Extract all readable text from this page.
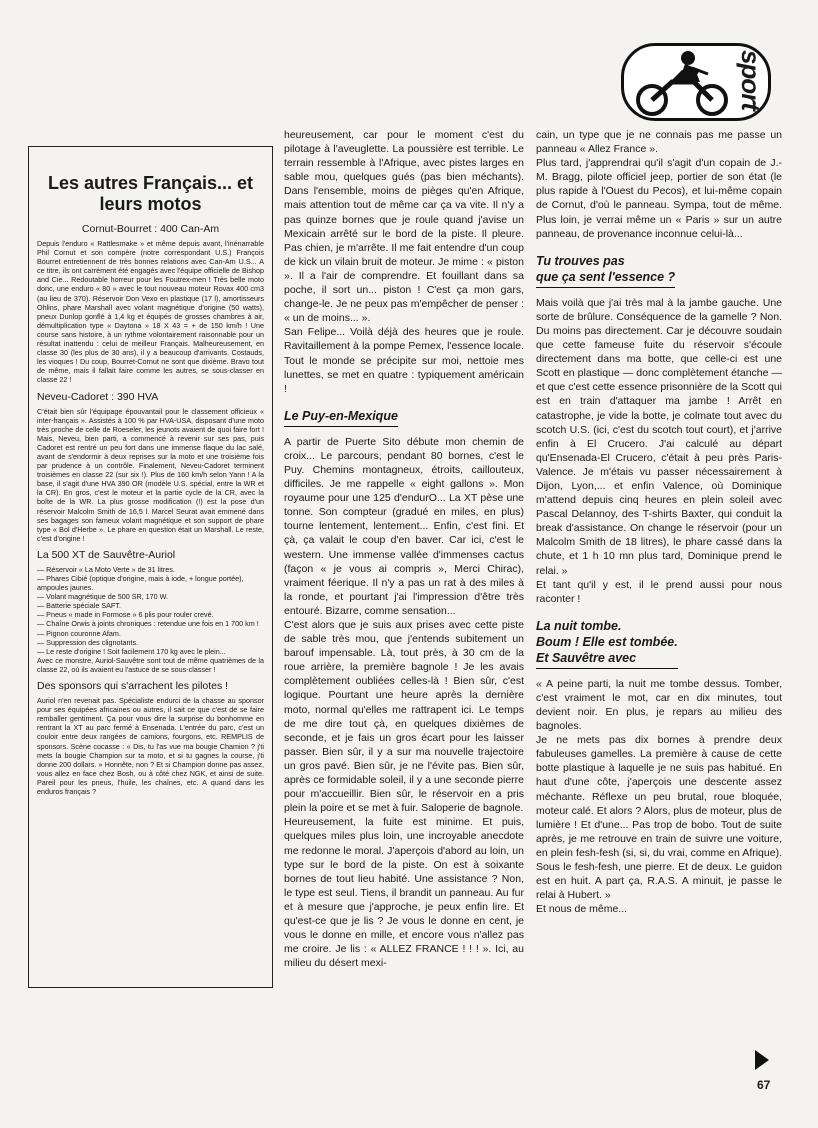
sport
Les autres Français... et leurs motos
Cornut-Bourret : 400 Can-Am

Depuis l'enduro « Rattlesmake » et même depuis avant, l'inénarrable Phil Cornut et son compère (notre correspondant U.S.) François Bourret entretiennent de très bonnes relations avec Can-Am U.S... A ce titre, ils ont carrément été engagés avec l'équipe officielle de Bishop and Cie... Redoutable horreur pour les Foutrex-men ! Très belle moto donc, une enduro « 80 » avec le tout nouveau moteur Rovax 400 cm3 (au lieu de 370). Réservoir Don Vexo en plastique (17 l), amortisseurs Ohlins, phare Marshall avec volant magnétique d'origine (50 watts), pneux Dunlop gonflé à 1,4 kg et équipés de grosses chambres à air, démultiplication type « Daytona » 18 X 43 = + de 150 km/h ! Une course sans histoire, à un rythme volontairement raisonnable pour un résultat inattendu : celui de meilleur Français. Malheureusement, en classe 30 (les plus de 30 ans), il y a beaucoup d'arrivants. Costauds, les vioques ! Du coup, Bourret-Cornut ne sont que dixième. Bravo tout de même, mais il fallait faire comme les autres, se sous-classer en classe 22 !

Neveu-Cadoret : 390 HVA

C'était bien sûr l'équipage épouvantail pour le classement officieux « inter-français ». Assistés à 100 % par HVA-USA, disposant d'une moto très proche de celle de Roeseler, les jeunots avaient de quoi faire fort ! Mais, Neveu, bien parti, a commencé à revenir sur ses pas, puis Cadoret est rentré un peu fort dans une immense flaque du lac salé, avant de s'endormir à deux reprises sur la moto et une troisième fois par prudence à un contrôle. Finalement, Neveu-Cadoret terminent troisièmes en classe 22 (sur six !). Plus de 160 km/h selon Yann ! A la base, il s'agit d'une HVA 390 OR (modèle U.S. spécial, entre la WR et la CR). En gros, c'est le moteur et la partie cycle de la CR, avec la boîte de la WR. La plus grosse modification (!) est la pose d'un réservoir Malcolm Smith de 16,5 l. Marcel Seurat avait emmené dans ses bagages son fameux volant magnétique et son support de phare type « Bol d'Herbe ». Le phare en question était un Marshall. Le reste, c'est d'origine !

La 500 XT de Sauvêtre-Auriol
— Réservoir « La Moto Verte » de 31 litres.
— Phares Cibié (optique d'origine, mais à iode, + longue portée), ampoules jaunes.
— Volant magnétique de 500 SR, 170 W.
— Batterie spéciale SAFT.
— Pneus « made in Formose » 6 plis pour rouler crevé.
— Chaîne Orwis à joints chroniques : retendue une fois en 1 700 km !
— Pignon couronne Afam.
— Suppression des clignotants.
— Le reste d'origine ! Soit facilement 170 kg avec le plein...

Avec ce monstre, Auriol-Sauvêtre sont tout de même quatrièmes de la classe 22, où ils avaient eu l'astuce de se sous-classer !

Des sponsors qui s'arrachent les pilotes !

Auriol n'en revenait pas. Spécialiste endurci de la chasse au sponsor pour ses équipées africaines ou autres, il sait ce que c'est de se faire remballer gentiment. Ça pour vous dire la surprise du bonhomme en rentrant la XT au parc fermé à Ensenada. L'entrée du parc, c'est un couloir entre deux rangées de camions, fourgons, etc. REMPLIS de sponsors. Scène cocasse : « Dis, tu l'as vue ma bougie Chamion ? j'ti mets la bougie Champion sur ta moto, et si tu gagnes la course, j'ti donne 200 dollars. » Honnête, non ? Et si Champion donne pas assez, vous allez en face chez Bosh, ou à côté chez NGK, et ainsi de suite. Pareil pour les pneus, l'huile, les chaînes, etc. A quand dans les enduros français ?

heureusement, car pour le moment c'est du pilotage à l'aveuglette. La poussière est terrible. Le terrain ressemble à l'Afrique, avec pistes larges en sable mou, quelques gués (pas bien méchants). Dans l'ensemble, moins de pièges qu'en Afrique, mais attention tout de même car ça va vite. Il n'y a pas quinze bornes que je roule quand j'avise un Mexicain arrêté sur le bord de la piste. Il pleure. Pas chien, je m'arrête. Il me fait entendre d'un coup de kick un vilain bruit de moteur. Je mime : « piston ». Il a l'air de comprendre. Et fouillant dans sa poche, il sort un... piston ! C'est ça mon gars, change-le. Je ne peux pas m'empêcher de penser : « un de moins... ».

San Felipe... Voilà déjà des heures que je roule. Ravitaillement à la pompe Pemex, l'essence locale. Tout le monde se précipite sur moi, nettoie mes lunettes, se met en quatre : typiquement américain !

Le Puy-en-Mexique

A partir de Puerte Sito débute mon chemin de croix... Le parcours, pendant 80 bornes, c'est le Puy. Chemins montagneux, étroits, caillouteux, difficiles. Je me rappelle « eight gallons ». Mon royaume pour une 125 d'endurO... La XT pèse une tonne. Son compteur (gradué en miles, en plus) tourne lentement, lentement... Enfin, c'est fini. Et çà, ça valait le coup d'en baver. Car ici, c'est le western. Une immense vallée d'immenses cactus (façon « je vous ai compris », Merci Chirac), vraiment féerique. Il n'y a pas un rat à des miles à la ronde, et pourtant j'ai l'impression d'être très entouré. Bizarre, comme sensation...

C'est alors que je suis aux prises avec cette piste de sable très mou, que j'entends subitement un barouf impensable. Là, tout près, à 30 cm de la roue arrière, la première bagnole ! Je les avais complètement oubliées celles-là ! Bien sûr, c'est logique. Pourtant une heure après la dernière moto, normal qu'elles me rattrapent ici. Le temps de me dire tout çà, en quelques dixièmes de seconde, et je fais un gros écart pour les laisser passer. Bien sûr, il y a sur ma nouvelle trajectoire un gros pavé. Bien sûr, je ne l'évite pas. Bien sûr, après ce formidable soleil, il y a une seconde pierre pour m'accueillir. Bien sûr, le réservoir en a pris plein la poire et se met à fuir. Saloperie de bagnole.

Heureusement, la fuite est minime. Et puis, quelques miles plus loin, une incroyable anecdote me redonne le moral. J'aperçois d'abord au loin, un type sur le bord de la piste. On est à soixante bornes de tout lieu habité. Une assistance ? Non, le type est seul. Tiens, il brandit un panneau. Au fur et à mesure que j'approche, je peux enfin lire. Et qu'est-ce que je lis ? Je vous le donne en cent, je vous le donne en mille, et encore vous n'allez pas me croire. Je lis : « ALLEZ FRANCE ! ! ! ». Ici, au milieu du désert mexi-

cain, un type que je ne connais pas me passe un panneau « Allez France ».

Plus tard, j'apprendrai qu'il s'agit d'un copain de J.-M. Bragg, pilote officiel jeep, portier de son état (le plus rapide à l'Ouest du Pecos), et lui-même copain de Cornut, d'où le panneau. Sympa, tout de même. Plus loin, je verrai même un « Paris » sur un autre panneau, de provenance inconnue celui-là...

Tu trouves pas
que ça sent l'essence ?

Mais voilà que j'ai très mal à la jambe gauche. Une sorte de brûlure. Conséquence de la gamelle ? Non. Du moins pas directement. Car je découvre soudain que cette fameuse fuite du réservoir s'écoule directement dans ma botte, que celle-ci est une Scott en plastique — donc complètement étanche — et que c'est cette essence prisonnière de la Scott qui est en train d'attaquer ma jambe ! Arrêt en catastrophe, je vide la botte, je colmate tout avec du scotch U.S. (ici, c'est du scotch tout court), et j'arrive enfin à El Crucero. J'ai calculé au départ qu'Ensenada-El Crucero, c'était à peu près Paris-Valence. Je m'étais vu passer nécessairement à Dijon, Lyon,... et enfin Valence, où Dominique m'attend depuis cinq heures en plein soleil avec Pascal Delannoy, des T-shirts Baxter, qui conduit la break d'assistance. On change le réservoir (pour un Malcolm Smith de 18 litres), le phare cassé dans la chute, et 1 h 10 mn plus tard, Dominique prend le relai. »

Et tant qu'il y est, il le prend aussi pour nous raconter !

La nuit tombe.
Boum ! Elle est tombée.
Et Sauvêtre avec

« A peine parti, la nuit me tombe dessus. Tomber, c'est vraiment le mot, car en dix minutes, tout devient noir. En plus, je repars au milieu des bagnoles.

Je ne mets pas dix bornes à prendre deux fabuleuses gamelles. La première à cause de cette botte plastique à laquelle je ne suis pas habitué. En haut d'une côte, j'aperçois une descente assez méchante. Réflexe un peu brutal, roue bloquée, moteur calé. Et alors ? Alors, plus de moteur, plus de lumière ! Et d'une... Pas trop de bobo. Tout de suite après, je me retrouve en train de suivre une voiture, en plein fesh-fesh (si, si, du vrai, comme en Afrique). Sous le fesh-fesh, une pierre. Et de deux. Le guidon est en huit. A part ça, R.A.S. A minuit, je passe le relai à Hubert. »

Et nous de même...

67
